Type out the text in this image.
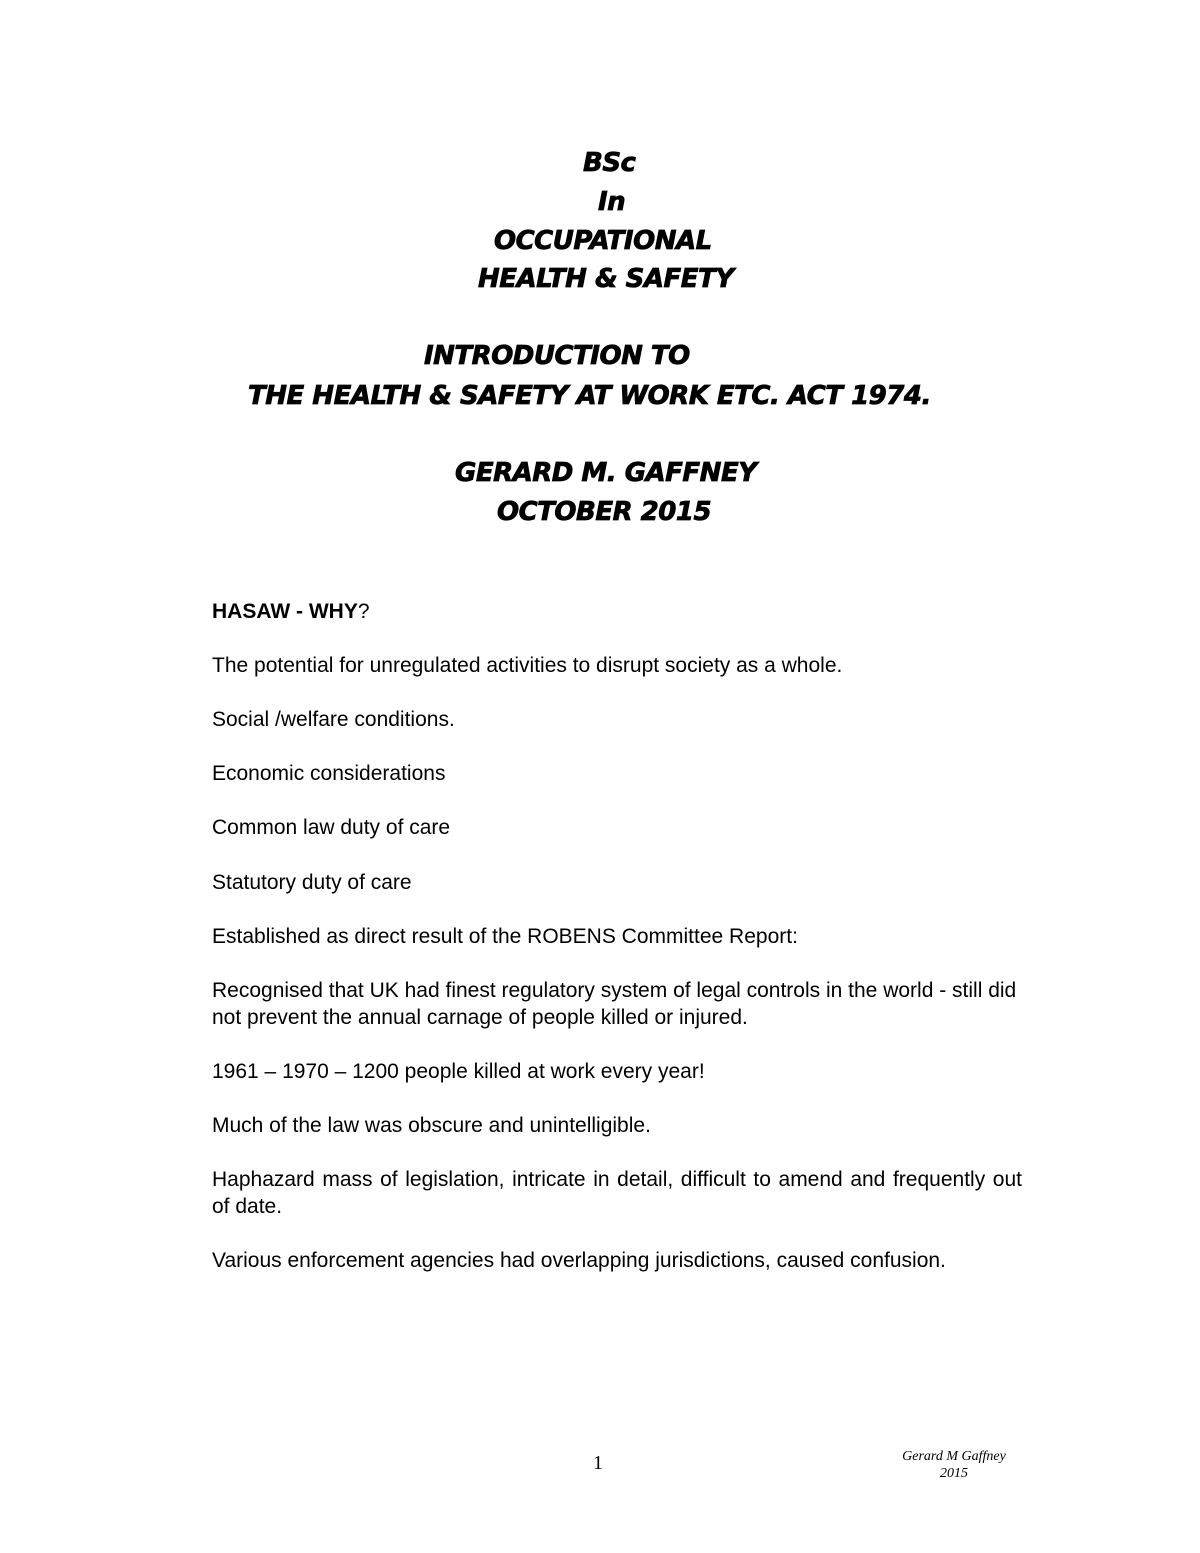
BSc
In
OCCUPATIONAL
HEALTH & SAFETY
INTRODUCTION TO
THE HEALTH & SAFETY AT WORK ETC. ACT 1974.
GERARD M. GAFFNEY
OCTOBER 2015

HASAW - WHY?

The potential for unregulated activities to disrupt society as a whole.

Social /welfare conditions.

Economic considerations

Common law duty of care

Statutory duty of care

Established as direct result of the ROBENS Committee Report:

Recognised that UK had finest regulatory system of legal controls in the world - still did not prevent the annual carnage of people killed or injured.

1961 – 1970 – 1200 people killed at work every year!

Much of the law was obscure and unintelligible.

Haphazard mass of legislation, intricate in detail, difficult to amend and frequently out of date.

Various enforcement agencies had overlapping jurisdictions, caused confusion.

1	Gerard M Gaffney
2015
